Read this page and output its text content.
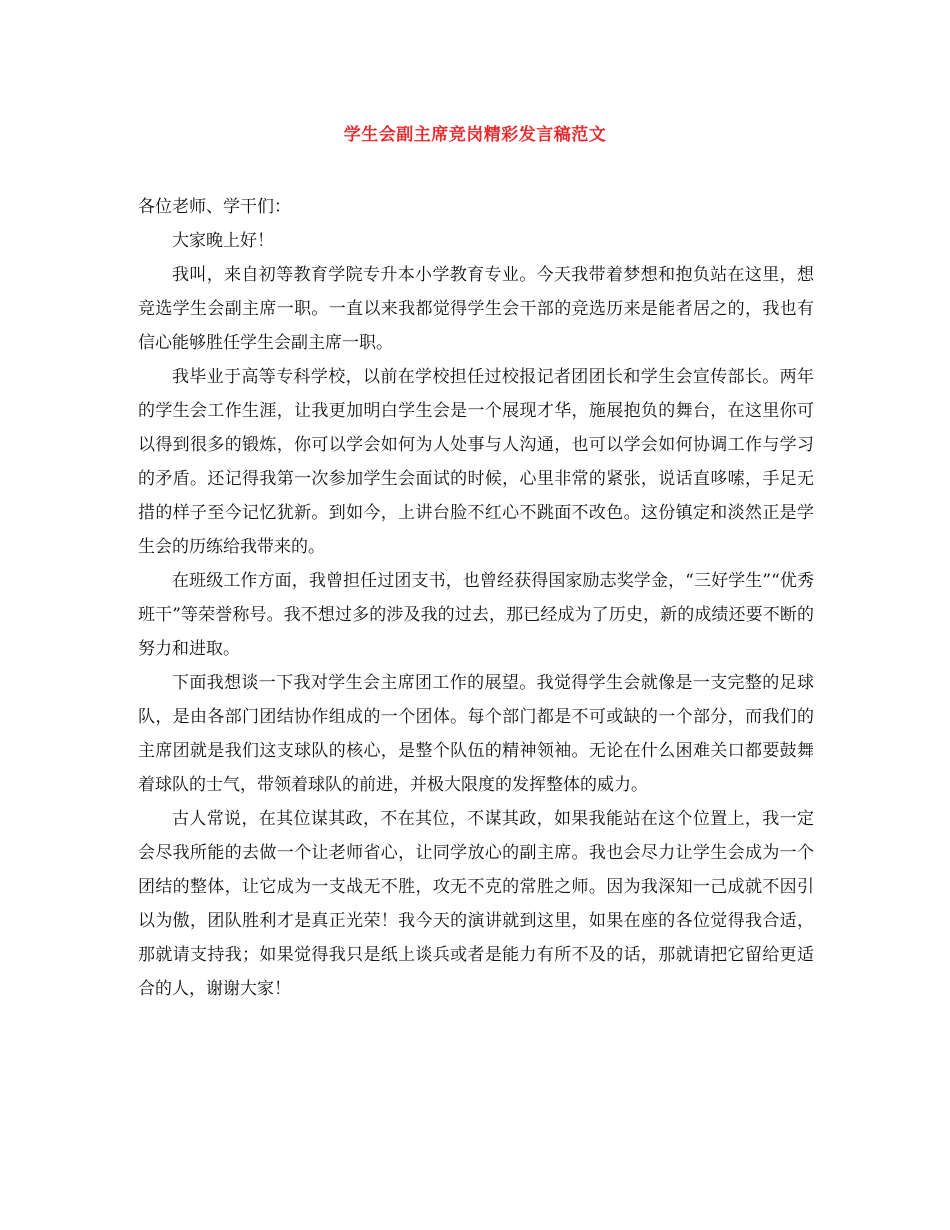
学生会副主席竞岗精彩发言稿范文

各位老师、学干们：

大家晚上好！

我叫，来自初等教育学院专升本小学教育专业。今天我带着梦想和抱负站在这里，想竞选学生会副主席一职。一直以来我都觉得学生会干部的竞选历来是能者居之的，我也有信心能够胜任学生会副主席一职。

我毕业于高等专科学校，以前在学校担任过校报记者团团长和学生会宣传部长。两年的学生会工作生涯，让我更加明白学生会是一个展现才华，施展抱负的舞台，在这里你可以得到很多的锻炼，你可以学会如何为人处事与人沟通，也可以学会如何协调工作与学习的矛盾。还记得我第一次参加学生会面试的时候，心里非常的紧张，说话直哆嗦，手足无措的样子至今记忆犹新。到如今，上讲台脸不红心不跳面不改色。这份镇定和淡然正是学生会的历练给我带来的。

在班级工作方面，我曾担任过团支书，也曾经获得国家励志奖学金，“三好学生”“优秀班干”等荣誉称号。我不想过多的涉及我的过去，那已经成为了历史，新的成绩还要不断的努力和进取。

下面我想谈一下我对学生会主席团工作的展望。我觉得学生会就像是一支完整的足球队，是由各部门团结协作组成的一个团体。每个部门都是不可或缺的一个部分，而我们的主席团就是我们这支球队的核心，是整个队伍的精神领袖。无论在什么困难关口都要鼓舞着球队的士气，带领着球队的前进，并极大限度的发挥整体的威力。

古人常说，在其位谋其政，不在其位，不谋其政，如果我能站在这个位置上，我一定会尽我所能的去做一个让老师省心，让同学放心的副主席。我也会尽力让学生会成为一个团结的整体，让它成为一支战无不胜，攻无不克的常胜之师。因为我深知一己成就不因引以为傲，团队胜利才是真正光荣！我今天的演讲就到这里，如果在座的各位觉得我合适，那就请支持我；如果觉得我只是纸上谈兵或者是能力有所不及的话，那就请把它留给更适合的人，谢谢大家！
